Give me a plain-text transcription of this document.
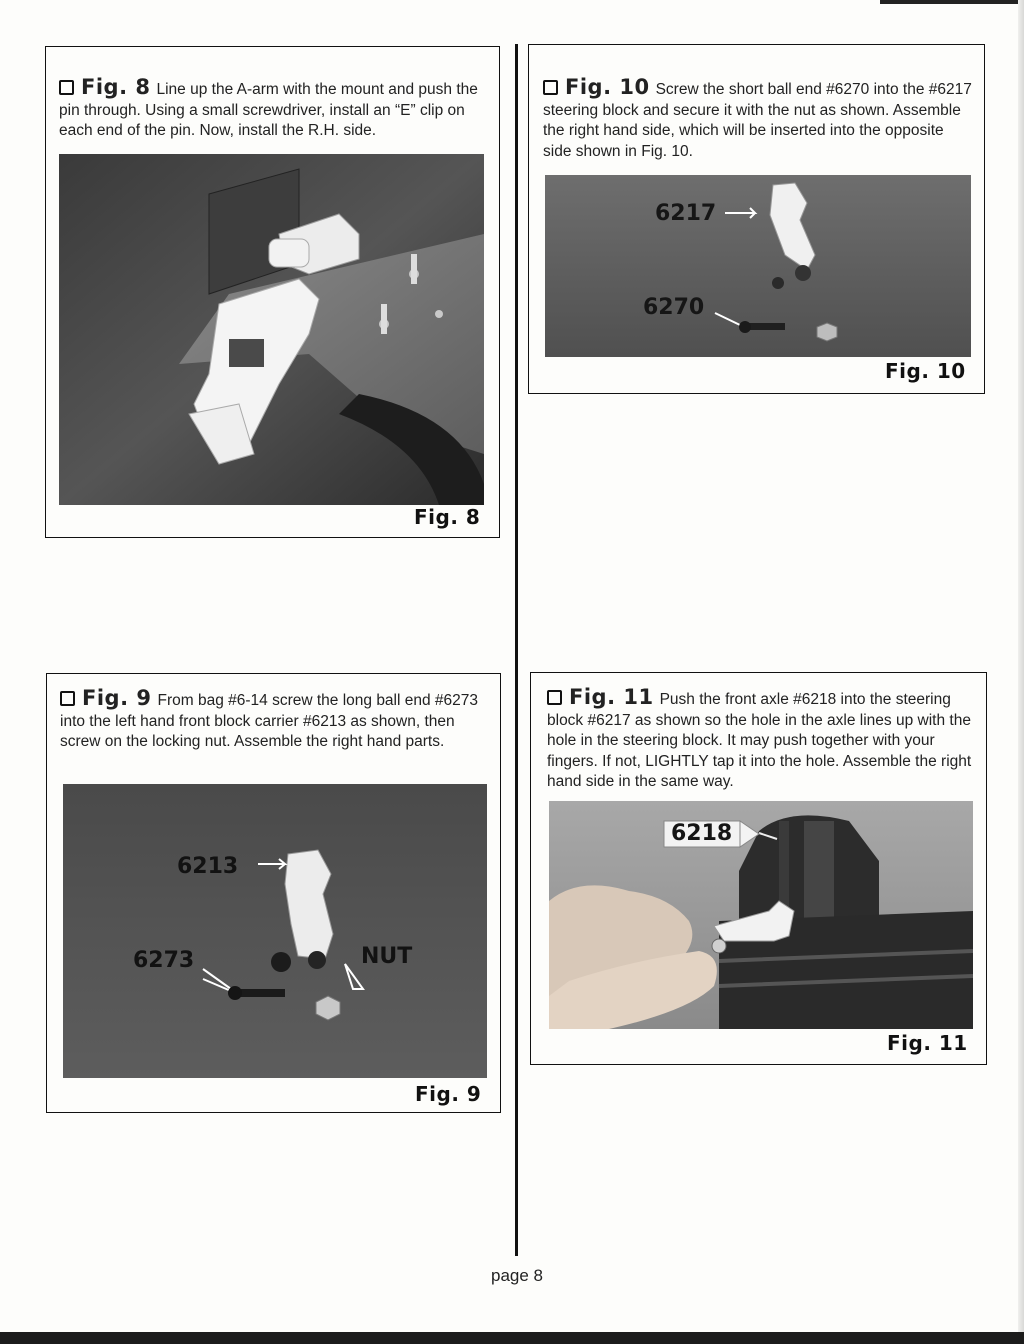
Fig. 8 Line up the A-arm with the mount and push the pin through. Using a small screwdriver, install an “E” clip on each end of the pin. Now, install the R.H. side.
Fig. 8
Fig. 10 Screw the short ball end #6270 into the #6217 steering block and secure it with the nut as shown. Assemble the right hand side, which will be inserted into the opposite side shown in Fig. 10.
6217
6270
Fig. 10
Fig. 9 From bag #6-14 screw the long ball end #6273 into the left hand front block carrier #6213 as shown, then screw on the locking nut. Assemble the right hand parts.
6213
6273	NUT
Fig. 9
Fig. 11 Push the front axle #6218 into the steering block #6217 as shown so the hole in the axle lines up with the hole in the steering block. It may push together with your fingers. If not, LIGHTLY tap it into the hole. Assemble the right hand side in the same way.
6218
Fig. 11
page 8
